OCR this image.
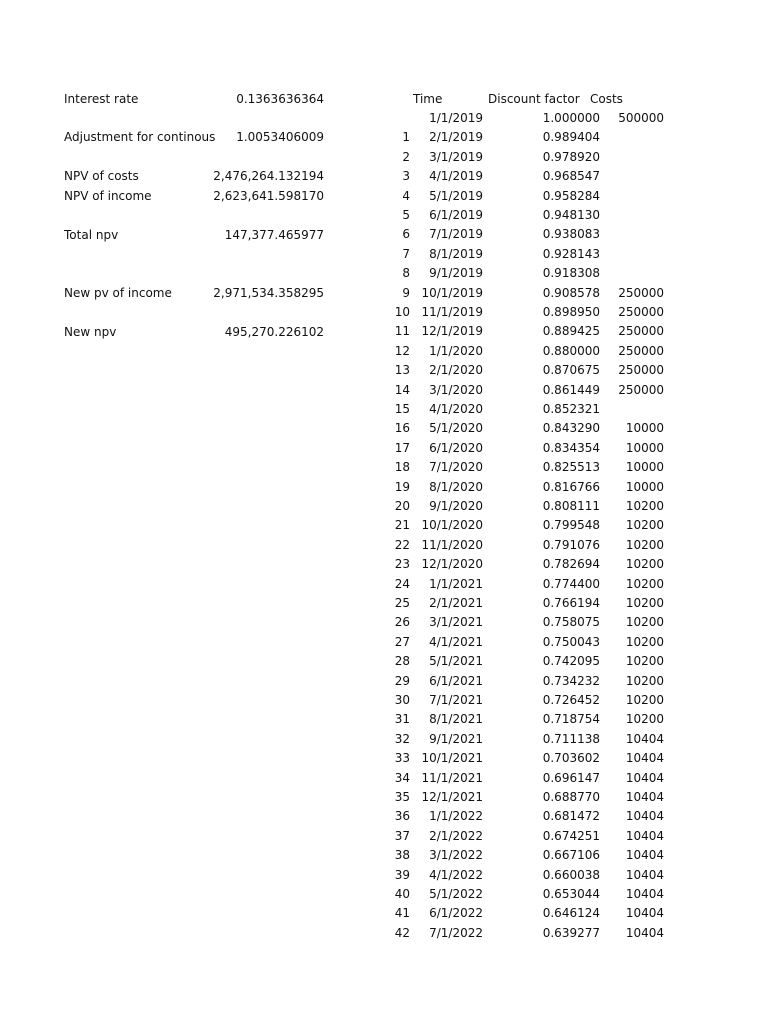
Interest rate	0.1363636364
Adjustment for continous 1.0053406009
NPV of costs	2,476,264.132194
NPV of income	2,623,641.598170
Total npv	147,377.465977
New pv of income	2,971,534.358295
New npv	495,270.226102
Time	Discount factor Costs
1/1/2019	1.000000 500000
1 2/1/2019	0.989404
2 3/1/2019	0.978920
3 4/1/2019	0.968547
4 5/1/2019	0.958284
5 6/1/2019	0.948130
6 7/1/2019	0.938083
7 8/1/2019	0.928143
8 9/1/2019	0.918308
9 10/1/2019	0.908578 250000
10 11/1/2019	0.898950 250000
11 12/1/2019	0.889425 250000
12 1/1/2020	0.880000 250000
13 2/1/2020	0.870675 250000
14 3/1/2020	0.861449 250000
15 4/1/2020	0.852321
16 5/1/2020	0.843290 10000
17 6/1/2020	0.834354 10000
18 7/1/2020	0.825513 10000
19 8/1/2020	0.816766 10000
20 9/1/2020	0.808111 10200
21 10/1/2020	0.799548 10200
22 11/1/2020	0.791076 10200
23 12/1/2020	0.782694 10200
24 1/1/2021	0.774400 10200
25 2/1/2021	0.766194 10200
26 3/1/2021	0.758075 10200
27 4/1/2021	0.750043 10200
28 5/1/2021	0.742095 10200
29 6/1/2021	0.734232 10200
30 7/1/2021	0.726452 10200
31 8/1/2021	0.718754 10200
32 9/1/2021	0.711138 10404
33 10/1/2021	0.703602 10404
34 11/1/2021	0.696147 10404
35 12/1/2021	0.688770 10404
36 1/1/2022	0.681472 10404
37 2/1/2022	0.674251 10404
38 3/1/2022	0.667106 10404
39 4/1/2022	0.660038 10404
40 5/1/2022	0.653044 10404
41 6/1/2022	0.646124 10404
42 7/1/2022	0.639277 10404
